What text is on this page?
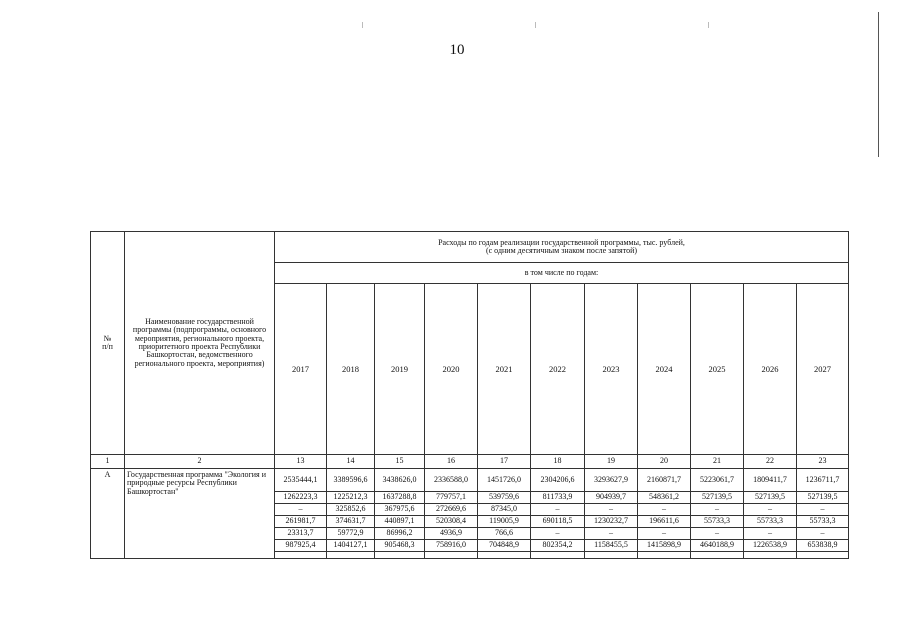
10
№
п/п	Наименование государственной программы (подпрограммы, основного мероприятия, регионального проекта, приоритетного проекта Республики Башкортостан, ведомственного регионального проекта, мероприятия)	Расходы по годам реализации государственной программы, тыс. рублей,
(с одним десятичным знаком после запятой)										
		в том числе по годам:										
		2017	2018	2019	2020	2021	2022	2023	2024	2025	2026	2027
1	2	13	14	15	16	17	18	19	20	21	22	23
А	Государственная программа "Экология и природные ресурсы Республики Башкортостан"	2535444,1	3389596,6	3438626,0	2336588,0	1451726,0	2304206,6	3293627,9	2160871,7	5223061,7	1809411,7	1236711,7
		1262223,3	1225212,3	1637288,8	779757,1	539759,6	811733,9	904939,7	548361,2	527139,5	527139,5	527139,5
		–	325852,6	367975,6	272669,6	87345,0	–	–	–	–	–	–
		261981,7	374631,7	440897,1	520308,4	119005,9	690118,5	1230232,7	196611,6	55733,3	55733,3	55733,3
		23313,7	59772,9	86996,2	4936,9	766,6	–	–	–	–	–	–
		987925,4	1404127,1	905468,3	758916,0	704848,9	802354,2	1158455,5	1415898,9	4640188,9	1226538,9	653838,9
